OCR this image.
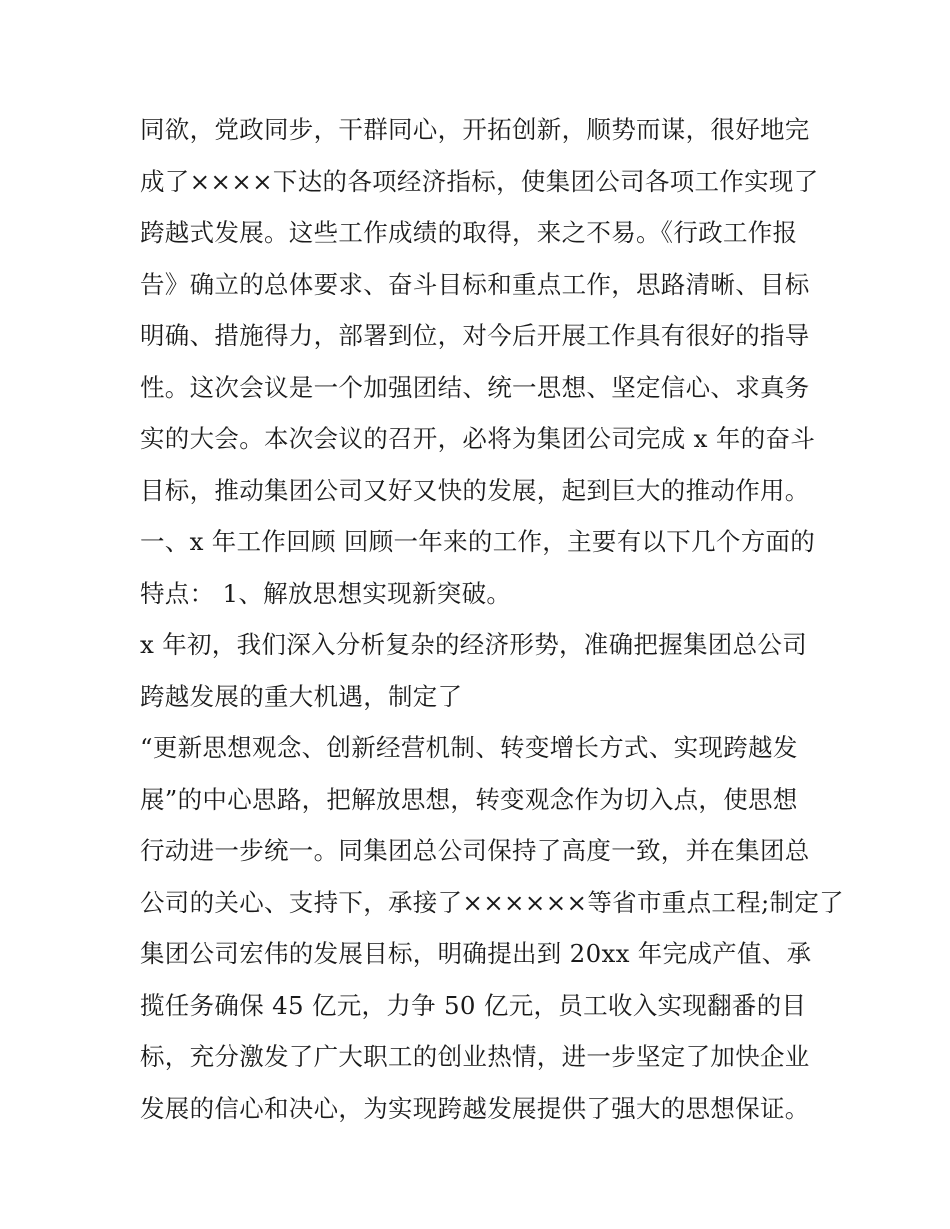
同欲，党政同步，干群同心，开拓创新，顺势而谋，很好地完
成了××××下达的各项经济指标，使集团公司各项工作实现了
跨越式发展。这些工作成绩的取得，来之不易。《行政工作报
告》确立的总体要求、奋斗目标和重点工作，思路清晰、目标
明确、措施得力，部署到位，对今后开展工作具有很好的指导
性。这次会议是一个加强团结、统一思想、坚定信心、求真务
实的大会。本次会议的召开，必将为集团公司完成 x 年的奋斗
目标，推动集团公司又好又快的发展，起到巨大的推动作用。
一、x 年工作回顾 回顾一年来的工作，主要有以下几个方面的
特点： 1、解放思想实现新突破。
x 年初，我们深入分析复杂的经济形势，准确把握集团总公司
跨越发展的重大机遇，制定了
“更新思想观念、创新经营机制、转变增长方式、实现跨越发
展”的中心思路，把解放思想，转变观念作为切入点，使思想
行动进一步统一。同集团总公司保持了高度一致，并在集团总
公司的关心、支持下，承接了××××××等省市重点工程;制定了
集团公司宏伟的发展目标，明确提出到 20xx 年完成产值、承
揽任务确保 45 亿元，力争 50 亿元，员工收入实现翻番的目
标，充分激发了广大职工的创业热情，进一步坚定了加快企业
发展的信心和决心，为实现跨越发展提供了强大的思想保证。
